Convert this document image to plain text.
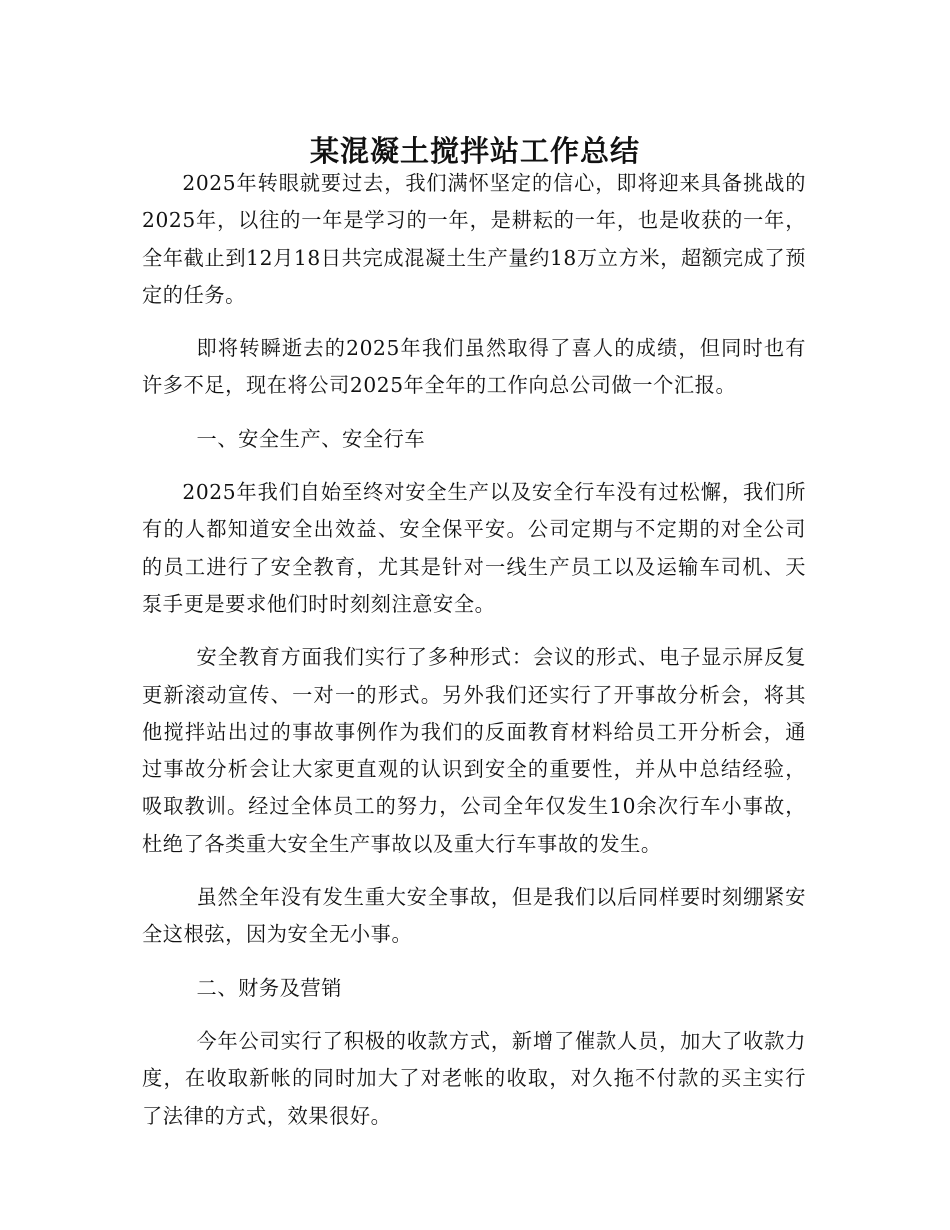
某混凝土搅拌站工作总结

2025年转眼就要过去，我们满怀坚定的信心，即将迎来具备挑战的2025年，以往的一年是学习的一年，是耕耘的一年，也是收获的一年，全年截止到12月18日共完成混凝土生产量约18万立方米，超额完成了预定的任务。

即将转瞬逝去的2025年我们虽然取得了喜人的成绩，但同时也有许多不足，现在将公司2025年全年的工作向总公司做一个汇报。

一、安全生产、安全行车

2025年我们自始至终对安全生产以及安全行车没有过松懈，我们所有的人都知道安全出效益、安全保平安。公司定期与不定期的对全公司的员工进行了安全教育，尤其是针对一线生产员工以及运输车司机、天泵手更是要求他们时时刻刻注意安全。

安全教育方面我们实行了多种形式：会议的形式、电子显示屏反复更新滚动宣传、一对一的形式。另外我们还实行了开事故分析会，将其他搅拌站出过的事故事例作为我们的反面教育材料给员工开分析会，通过事故分析会让大家更直观的认识到安全的重要性，并从中总结经验，吸取教训。经过全体员工的努力，公司全年仅发生10余次行车小事故，杜绝了各类重大安全生产事故以及重大行车事故的发生。

虽然全年没有发生重大安全事故，但是我们以后同样要时刻绷紧安全这根弦，因为安全无小事。

二、财务及营销

今年公司实行了积极的收款方式，新增了催款人员，加大了收款力度，在收取新帐的同时加大了对老帐的收取，对久拖不付款的买主实行了法律的方式，效果很好。
